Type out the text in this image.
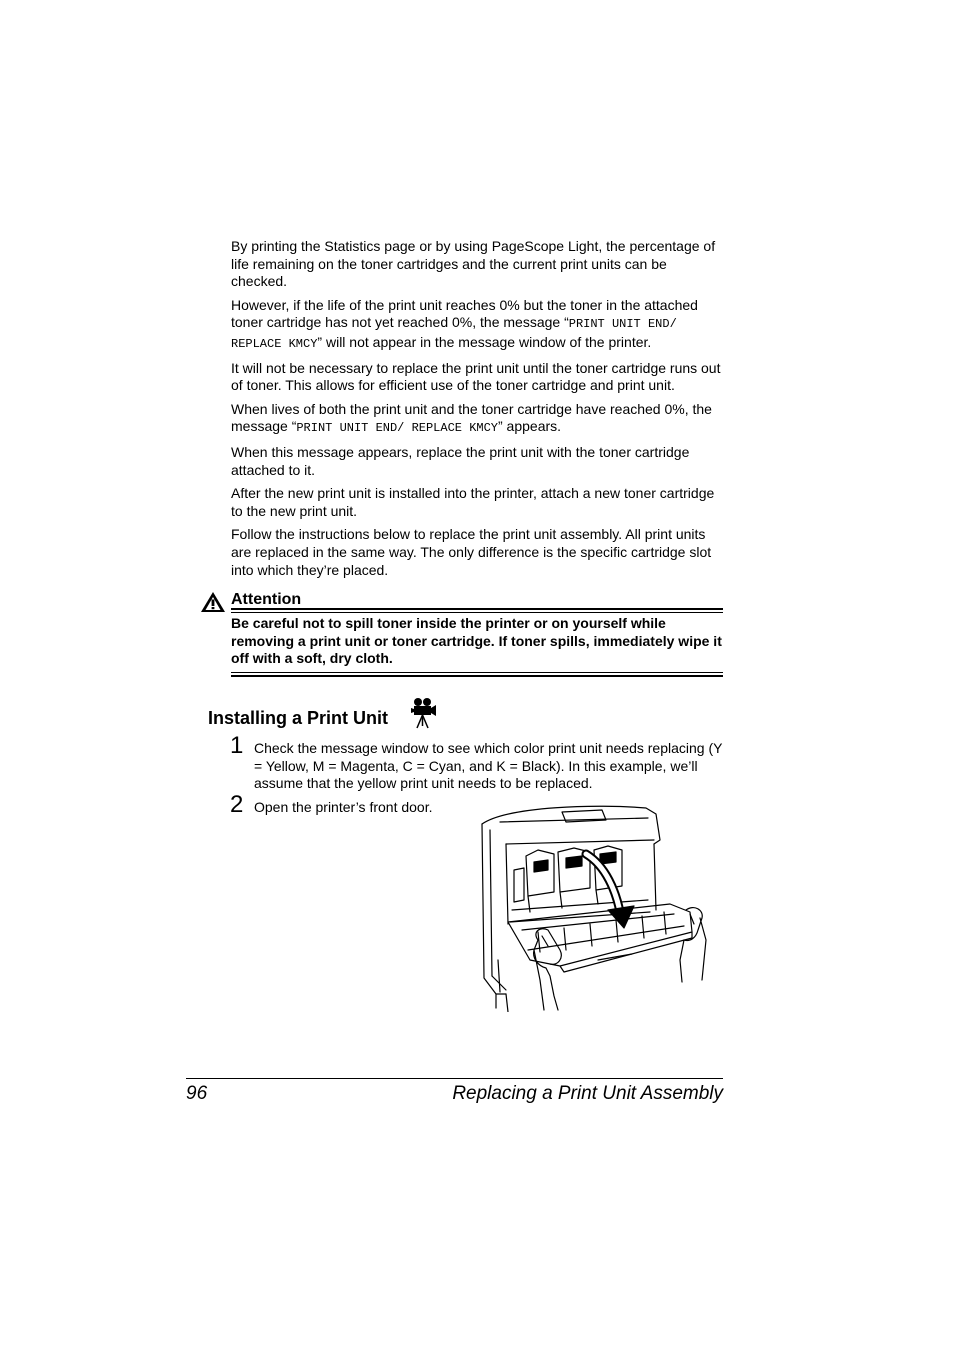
By printing the Statistics page or by using PageScope Light, the percentage of life remaining on the toner cartridges and the current print units can be checked.

However, if the life of the print unit reaches 0% but the toner in the attached toner cartridge has not yet reached 0%, the message “PRINT UNIT END/ REPLACE KMCY” will not appear in the message window of the printer.

It will not be necessary to replace the print unit until the toner cartridge runs out of toner. This allows for efficient use of the toner cartridge and print unit.

When lives of both the print unit and the toner cartridge have reached 0%, the message “PRINT UNIT END/ REPLACE KMCY” appears.

When this message appears, replace the print unit with the toner cartridge attached to it.

After the new print unit is installed into the printer, attach a new toner cartridge to the new print unit.

Follow the instructions below to replace the print unit assembly. All print units are replaced in the same way. The only difference is the specific cartridge slot into which they’re placed.

Attention
Be careful not to spill toner inside the printer or on yourself while removing a print unit or toner cartridge. If toner spills, immediately wipe it off with a soft, dry cloth.
Installing a Print Unit
1 Check the message window to see which color print unit needs replacing (Y = Yellow, M = Magenta, C = Cyan, and K = Black). In this example, we’ll assume that the yellow print unit needs to be replaced.
2 Open the printer’s front door.
96	Replacing a Print Unit Assembly
